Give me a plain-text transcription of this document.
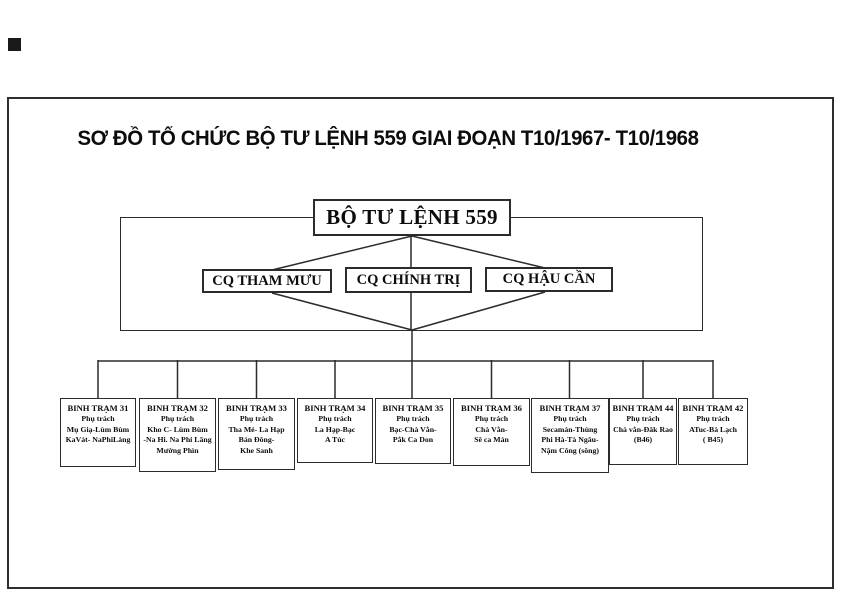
SƠ ĐỒ TỔ CHỨC BỘ TƯ LỆNH 559 GIAI ĐOẠN T10/1967- T10/1968
BỘ TƯ LỆNH 559
CQ THAM MƯU CQ CHÍNH TRỊ	CQ HẬU CẦN
BINH TRẠM 31
Phụ trách
Mụ Giạ-Lùm Bùm
KaVát- NaPhiLàng
BINH TRẠM 32
Phụ trách
Kho C- Lùm Bùm
-Na Hi. Na Phi Lãng
Mường Phìn
BINH TRẠM 33
Phụ trách
Tha Mé- La Hạp
Bản Đông-
Khe Sanh
BINH TRẠM 34
Phụ trách
La Hạp-Bạc
A Túc
BINH TRẠM 35
Phụ trách
Bạc-Chà Vằn-
Pắk Ca Don
BINH TRẠM 36
Phụ trách
Chà Vằn-
Sê ca Mán
BINH TRẠM 37
Phụ trách
Secamán-Thùng
Phi Hà-Tà Ngâu-
Nậm Công (sông)
BINH TRẠM 44
Phụ trách
Chà vằn-Đăk Rao
(B46)
BINH TRẠM 42
Phụ trách
ATuc-Bà Lạch
( B45)
